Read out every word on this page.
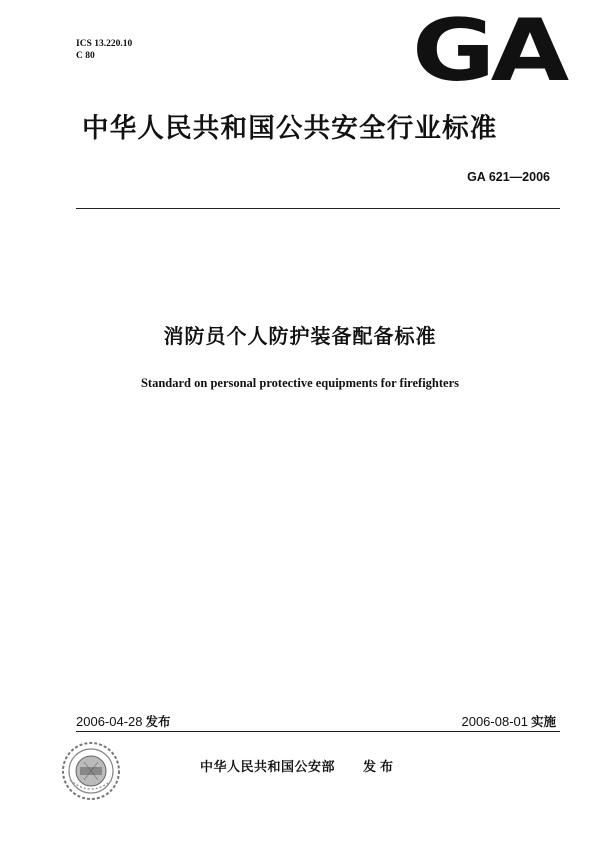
ICS 13.220.10
C 80	GA
中华人民共和国公共安全行业标准
GA 621—2006
消防员个人防护装备配备标准
Standard on personal protective equipments for firefighters
2006-04-28 发布	2006-08-01 实施
中华人民共和国公安部 发布
